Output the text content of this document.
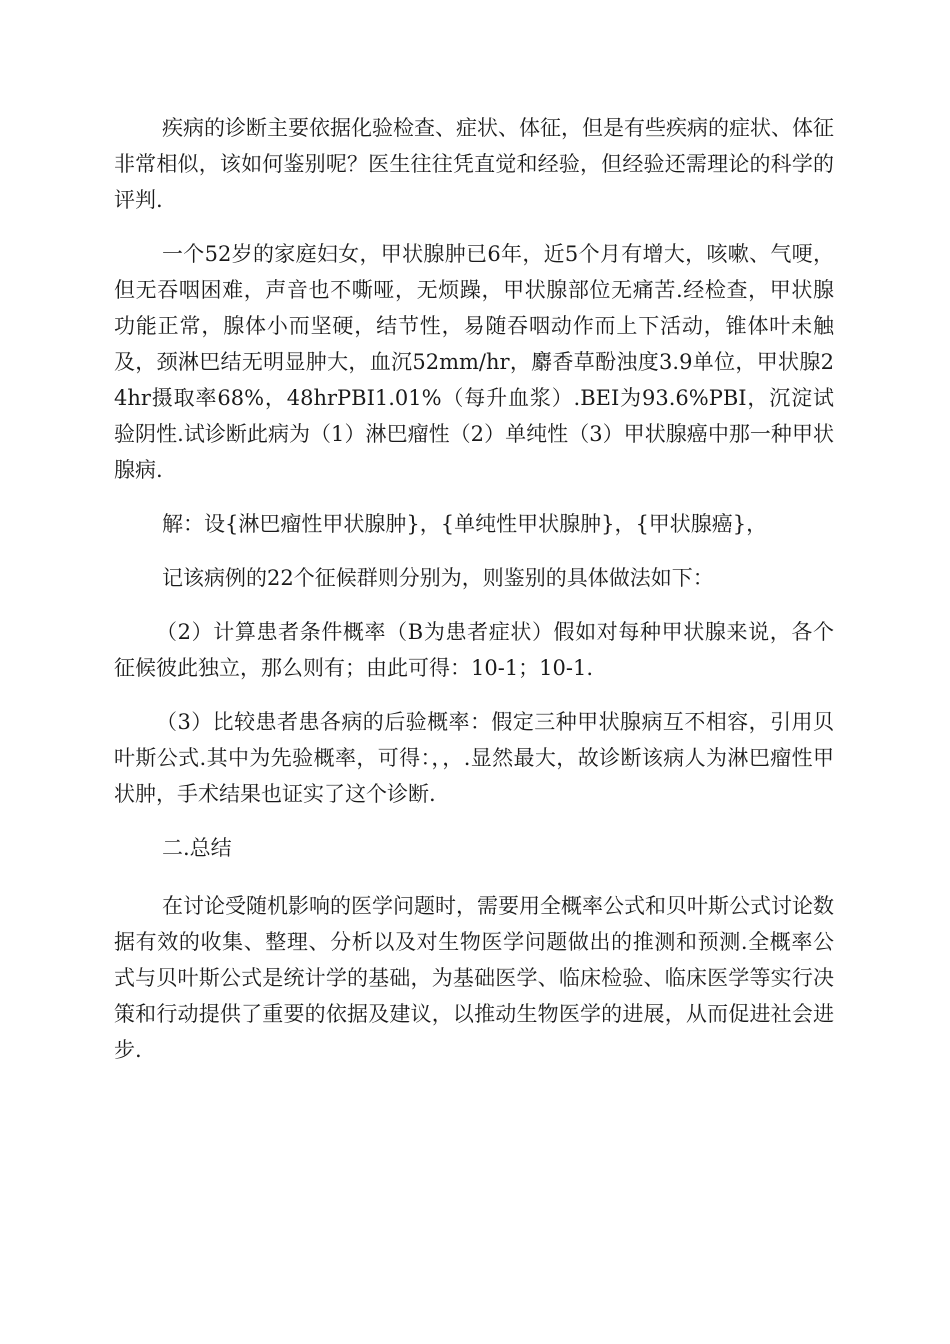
疾病的诊断主要依据化验检查、症状、体征，但是有些疾病的症状、体征非常相似，该如何鉴别呢？医生往往凭直觉和经验，但经验还需理论的科学的评判.

一个52岁的家庭妇女，甲状腺肿已6年，近5个月有增大，咳嗽、气哽，但无吞咽困难，声音也不嘶哑，无烦躁，甲状腺部位无痛苦.经检查，甲状腺功能正常，腺体小而坚硬，结节性，易随吞咽动作而上下活动，锥体叶未触及，颈淋巴结无明显肿大，血沉52mm/hr，麝香草酚浊度3.9单位，甲状腺24hr摄取率68%，48hrPBI1.01%（每升血浆）.BEI为93.6%PBI，沉淀试验阴性.试诊断此病为（1）淋巴瘤性（2）单纯性（3）甲状腺癌中那一种甲状腺病.

解：设{淋巴瘤性甲状腺肿}，{单纯性甲状腺肿}，{甲状腺癌}，

记该病例的22个征候群则分别为，则鉴别的具体做法如下：

（2）计算患者条件概率（B为患者症状）假如对每种甲状腺来说，各个征候彼此独立，那么则有；由此可得：10-1；10-1.

（3）比较患者患各病的后验概率：假定三种甲状腺病互不相容，引用贝叶斯公式.其中为先验概率，可得：，，.显然最大，故诊断该病人为淋巴瘤性甲状肿，手术结果也证实了这个诊断.

二.总结

在讨论受随机影响的医学问题时，需要用全概率公式和贝叶斯公式讨论数据有效的收集、整理、分析以及对生物医学问题做出的推测和预测.全概率公式与贝叶斯公式是统计学的基础，为基础医学、临床检验、临床医学等实行决策和行动提供了重要的依据及建议，以推动生物医学的进展，从而促进社会进步.
